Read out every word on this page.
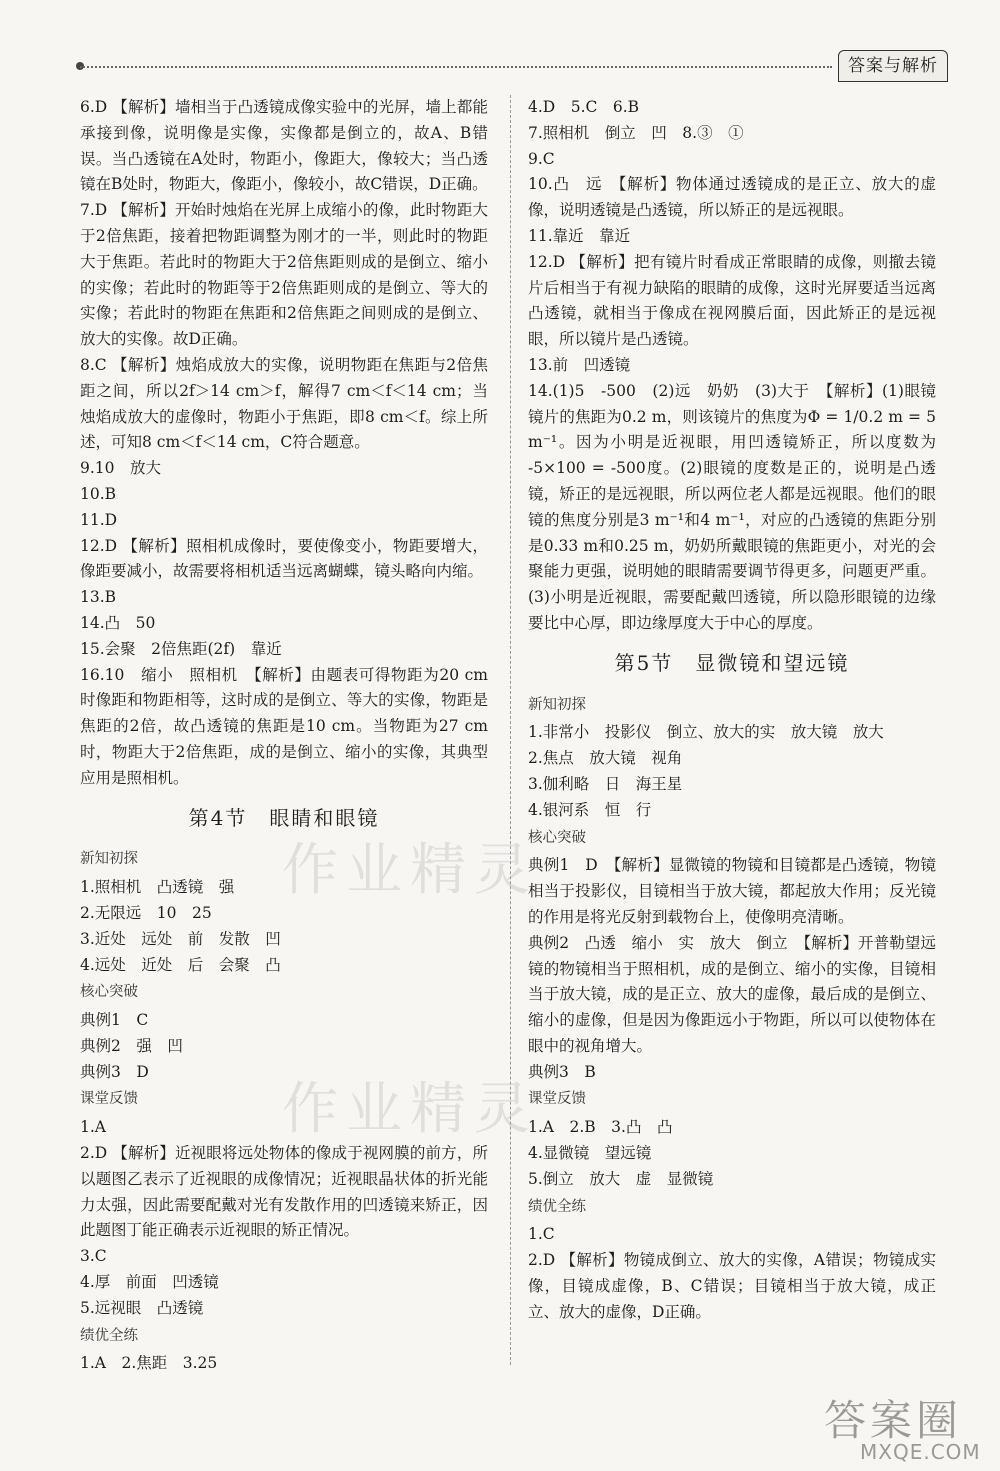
答案与解析

6.D 【解析】墙相当于凸透镜成像实验中的光屏，墙上都能承接到像，说明像是实像，实像都是倒立的，故A、B错误。当凸透镜在A处时，物距小，像距大，像较大；当凸透镜在B处时，物距大，像距小，像较小，故C错误，D正确。

7.D 【解析】开始时烛焰在光屏上成缩小的像，此时物距大于2倍焦距，接着把物距调整为刚才的一半，则此时的物距大于焦距。若此时的物距大于2倍焦距则成的是倒立、缩小的实像；若此时的物距等于2倍焦距则成的是倒立、等大的实像；若此时的物距在焦距和2倍焦距之间则成的是倒立、放大的实像。故D正确。

8.C 【解析】烛焰成放大的实像，说明物距在焦距与2倍焦距之间，所以2f＞14 cm＞f，解得7 cm＜f＜14 cm；当烛焰成放大的虚像时，物距小于焦距，即8 cm＜f。综上所述，可知8 cm＜f＜14 cm，C符合题意。

9.10　放大

10.B

11.D

12.D 【解析】照相机成像时，要使像变小，物距要增大，像距要减小，故需要将相机适当远离蝴蝶，镜头略向内缩。

13.B

14.凸　50

15.会聚　2倍焦距(2f)　靠近

16.10　缩小　照相机　【解析】由题表可得物距为20 cm时像距和物距相等，这时成的是倒立、等大的实像，物距是焦距的2倍，故凸透镜的焦距是10 cm。当物距为27 cm时，物距大于2倍焦距，成的是倒立、缩小的实像，其典型应用是照相机。

第4节　眼睛和眼镜
新知初探

1.照相机　凸透镜　强

2.无限远　10　25

3.近处　远处　前　发散　凹

4.远处　近处　后　会聚　凸

核心突破

典例1　C

典例2　强　凹

典例3　D

课堂反馈

1.A

2.D 【解析】近视眼将远处物体的像成于视网膜的前方，所以题图乙表示了近视眼的成像情况；近视眼晶状体的折光能力太强，因此需要配戴对光有发散作用的凹透镜来矫正，因此题图丁能正确表示近视眼的矫正情况。

3.C

4.厚　前面　凹透镜

5.远视眼　凸透镜

绩优全练

1.A　2.焦距　3.25

4.D　5.C　6.B

7.照相机　倒立　凹　8.③　①

9.C

10.凸　远　【解析】物体通过透镜成的是正立、放大的虚像，说明透镜是凸透镜，所以矫正的是远视眼。

11.靠近　靠近

12.D 【解析】把有镜片时看成正常眼睛的成像，则撤去镜片后相当于有视力缺陷的眼睛的成像，这时光屏要适当远离凸透镜，就相当于像成在视网膜后面，因此矫正的是远视眼，所以镜片是凸透镜。

13.前　凹透镜

14.(1)5　-500　(2)远　奶奶　(3)大于　【解析】(1)眼镜镜片的焦距为0.2 m，则该镜片的焦度为Φ = 1/0.2 m = 5 m⁻¹。因为小明是近视眼，用凹透镜矫正，所以度数为 -5×100 = -500度。(2)眼镜的度数是正的，说明是凸透镜，矫正的是远视眼，所以两位老人都是远视眼。他们的眼镜的焦度分别是3 m⁻¹和4 m⁻¹，对应的凸透镜的焦距分别是0.33 m和0.25 m，奶奶所戴眼镜的焦距更小，对光的会聚能力更强，说明她的眼睛需要调节得更多，问题更严重。(3)小明是近视眼，需要配戴凹透镜，所以隐形眼镜的边缘要比中心厚，即边缘厚度大于中心的厚度。

第5节　显微镜和望远镜
新知初探

1.非常小　投影仪　倒立、放大的实　放大镜　放大

2.焦点　放大镜　视角

3.伽利略　日　海王星

4.银河系　恒　行

核心突破

典例1　D　【解析】显微镜的物镜和目镜都是凸透镜，物镜相当于投影仪，目镜相当于放大镜，都起放大作用；反光镜的作用是将光反射到载物台上，使像明亮清晰。

典例2　凸透　缩小　实　放大　倒立　【解析】开普勒望远镜的物镜相当于照相机，成的是倒立、缩小的实像，目镜相当于放大镜，成的是正立、放大的虚像，最后成的是倒立、缩小的虚像，但是因为像距远小于物距，所以可以使物体在眼中的视角增大。

典例3　B

课堂反馈

1.A　2.B　3.凸　凸

4.显微镜　望远镜

5.倒立　放大　虚　显微镜

绩优全练

1.C

2.D 【解析】物镜成倒立、放大的实像，A错误；物镜成实像，目镜成虚像，B、C错误；目镜相当于放大镜，成正立、放大的虚像，D正确。

作业精灵
作业精灵
答案圈
MXQE.COM
